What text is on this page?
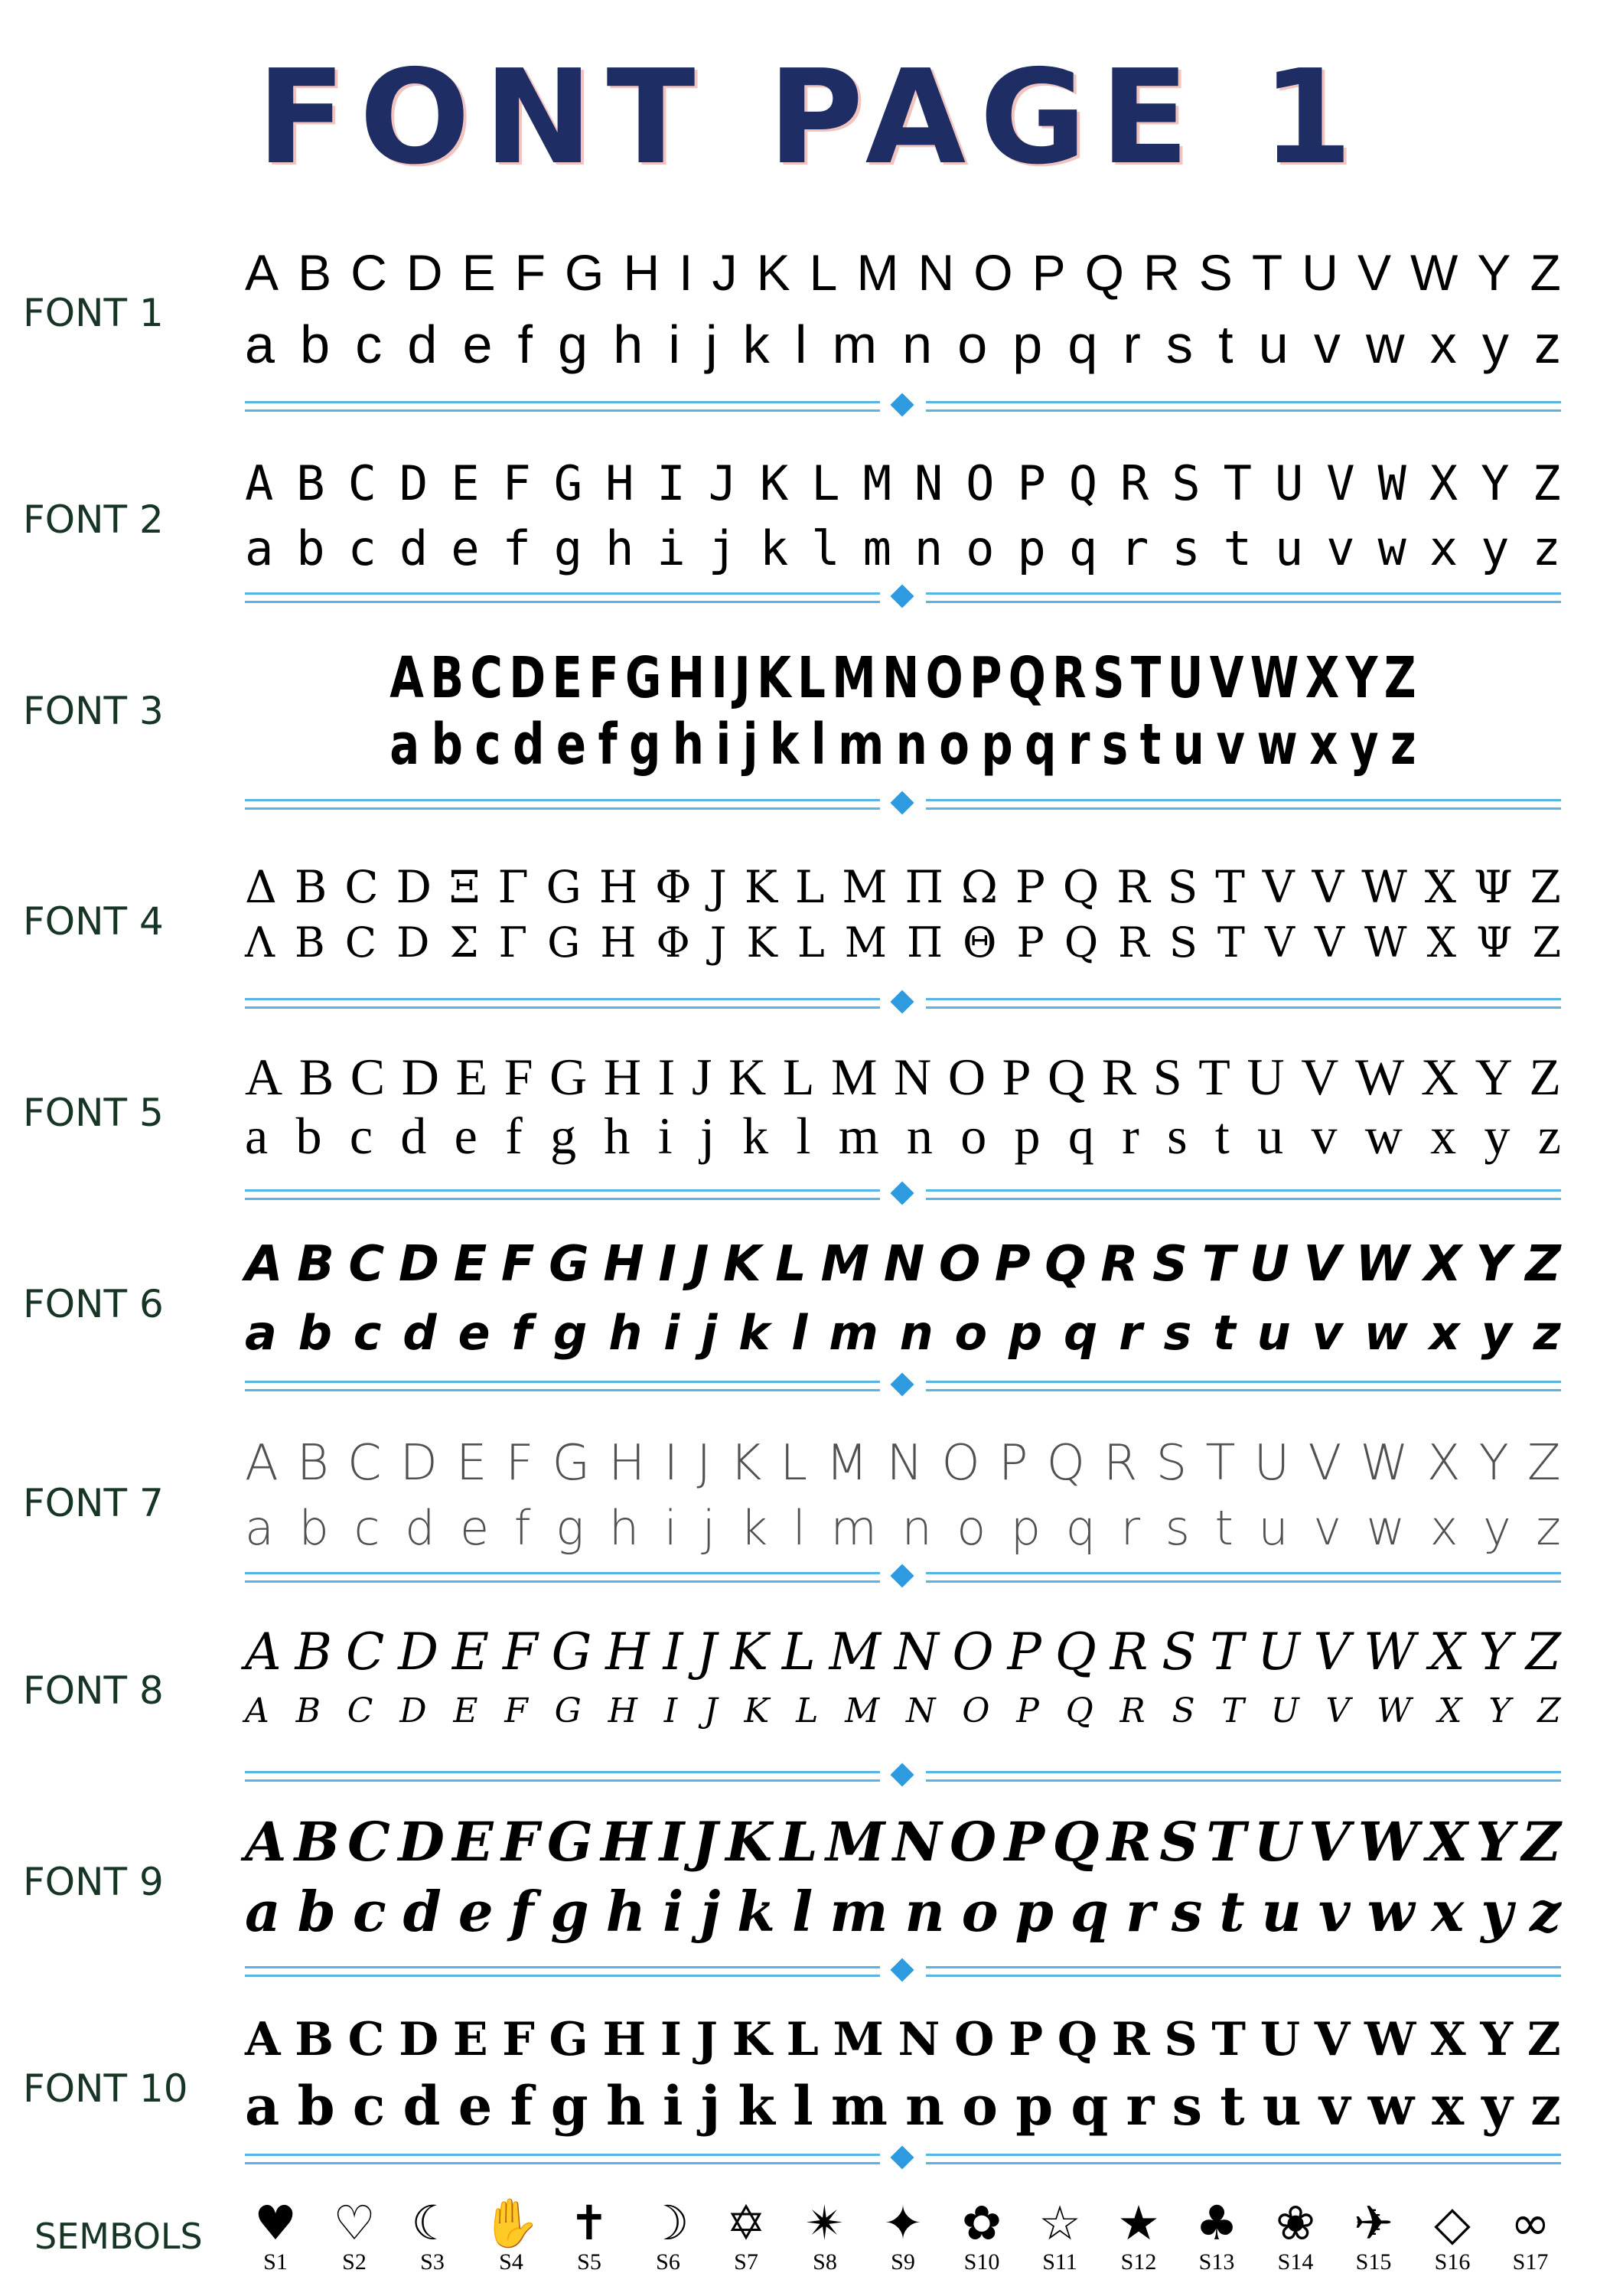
FONT PAGE 1
FONT 1
A B C D E F G H I J K L M N O P Q R S T U V W Y Z
a b c d e f g h i j k l m n o p q r s t u v w x y z
FONT 2
A B C D E F G H I J K L M N O P Q R S T U V W X Y Z
a b c d e f g h i j k l m n o p q r s t u v w x y z
FONT 3	A B C D E F G H I J K L M N O P Q R S T U V W X Y Z
a b c d e f g h i j k l m n o p q r s t u v w x y z
FONT 4
Δ B C D Ξ Γ G H Φ J K L M Π Ω P Q R S T V V W X Ψ Z
Λ B C D Σ Γ G H Φ J K L M Π Θ P Q R S T V V W X Ψ Z
FONT 5
A B C D E F G H I J K L M N O P Q R S T U V W X Y Z
a b c d e f g h i j k l m n o p q r s t u v w x y z
FONT 6
A B C D E F G H I J K L M N O P Q R S T U V W X Y Z
a b c d e f g h i j k l m n o p q r s t u v w x y z
FONT 7
A B C D E F G H I J K L M N O P Q R S T U V W X Y Z
a b c d e f g h i j k l m n o p q r s t u v w x y z
FONT 8
A B C D E F G H I J K L M N O P Q R S T U V W X Y Z
A B C D E F G H I J K L M N O P Q R S T U V W X Y Z
FONT 9
A B C D E F G H I J K L M N O P Q R S T U V W X Y Z
a b c d e f g h i j k l m n o p q r s t u v w x y z
FONT 10
A B C D E F G H I J K L M N O P Q R S T U V W X Y Z
a b c d e f g h i j k l m n o p q r s t u v w x y z
SEMBOLS	♥
S1
♡
S2
☾
S3
✋
S4
✝
S5
☽
S6
✡
S7
✴
S8
✦
S9
✿
S10
☆
S11
★
S12
♣
S13
❀
S14
✈
S15
◇
S16
∞
S17
